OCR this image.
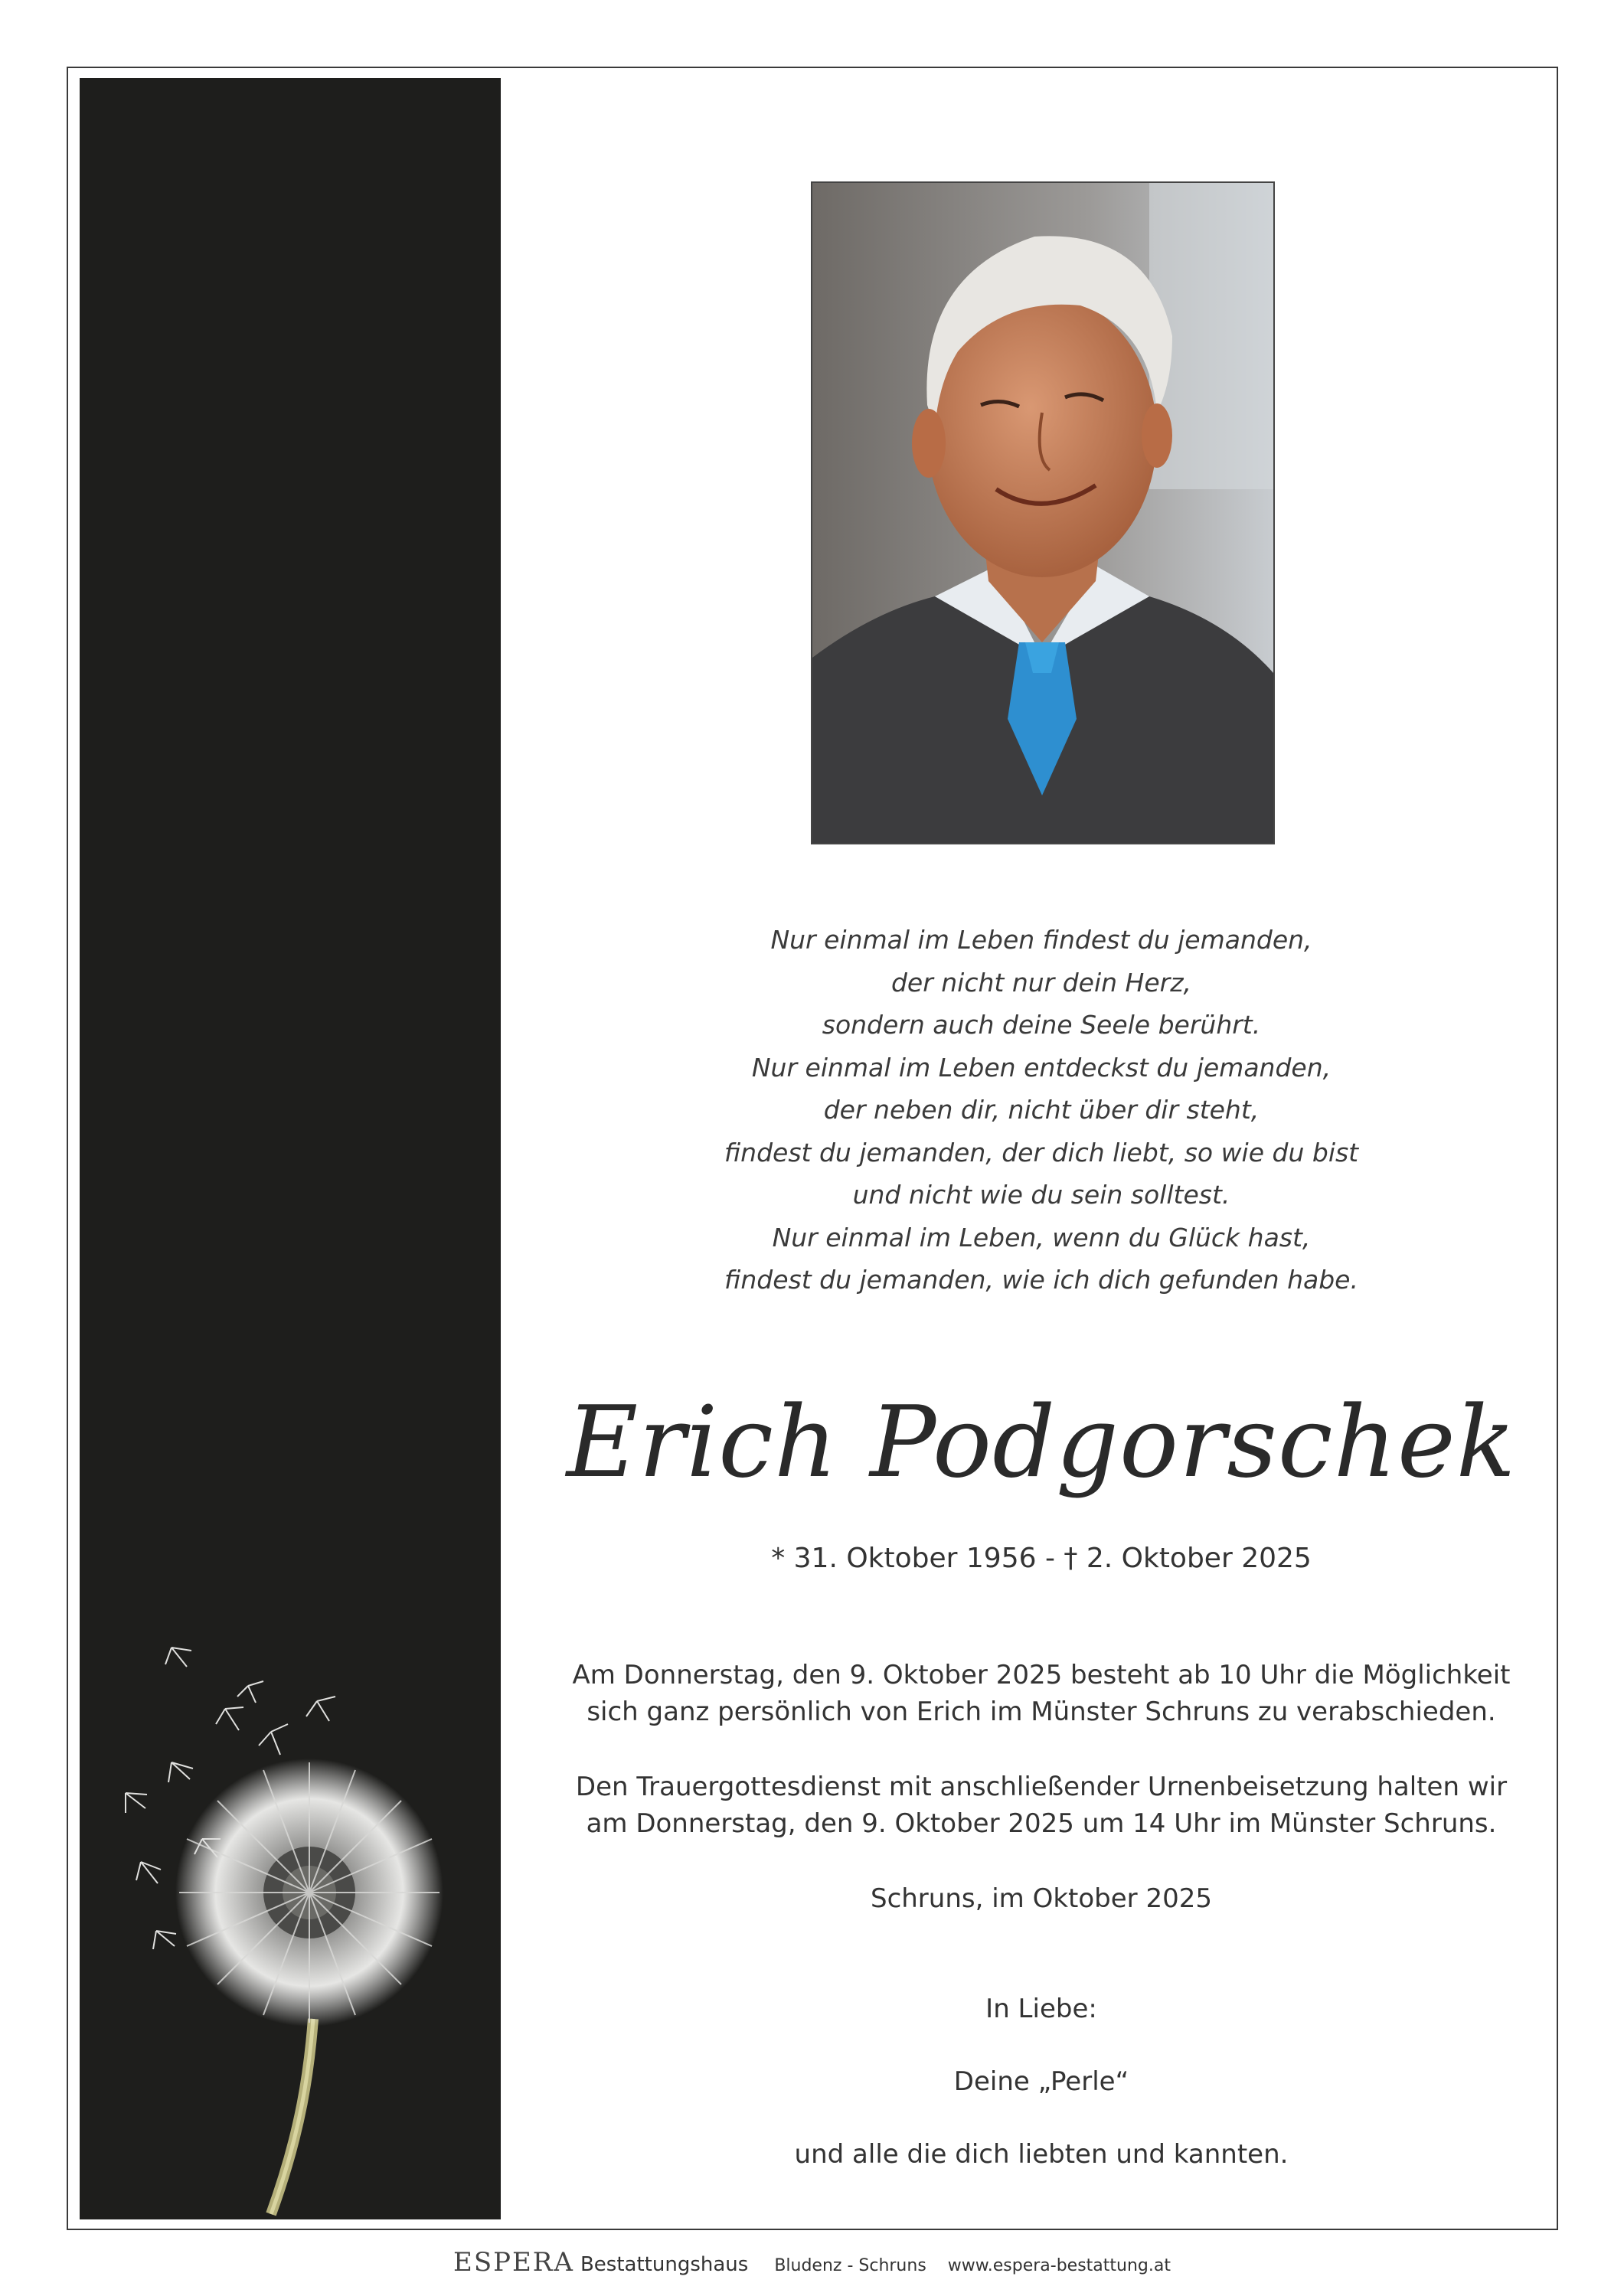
Nur einmal im Leben findest du jemanden,
der nicht nur dein Herz,
sondern auch deine Seele berührt.
Nur einmal im Leben entdeckst du jemanden,
der neben dir, nicht über dir steht,
findest du jemanden, der dich liebt, so wie du bist
und nicht wie du sein solltest.
Nur einmal im Leben, wenn du Glück hast,
findest du jemanden, wie ich dich gefunden habe.
Erich Podgorschek
* 31. Oktober 1956 - † 2. Oktober 2025
Am Donnerstag, den 9. Oktober 2025 besteht ab 10 Uhr die Möglichkeit
sich ganz persönlich von Erich im Münster Schruns zu verabschieden.
Den Trauergottesdienst mit anschließender Urnenbeisetzung halten wir
am Donnerstag, den 9. Oktober 2025 um 14 Uhr im Münster Schruns.
Schruns, im Oktober 2025
In Liebe:
Deine „Perle“
und alle die dich liebten und kannten.
ESPERA Bestattungshaus Bludenz - Schruns www.espera-bestattung.at
